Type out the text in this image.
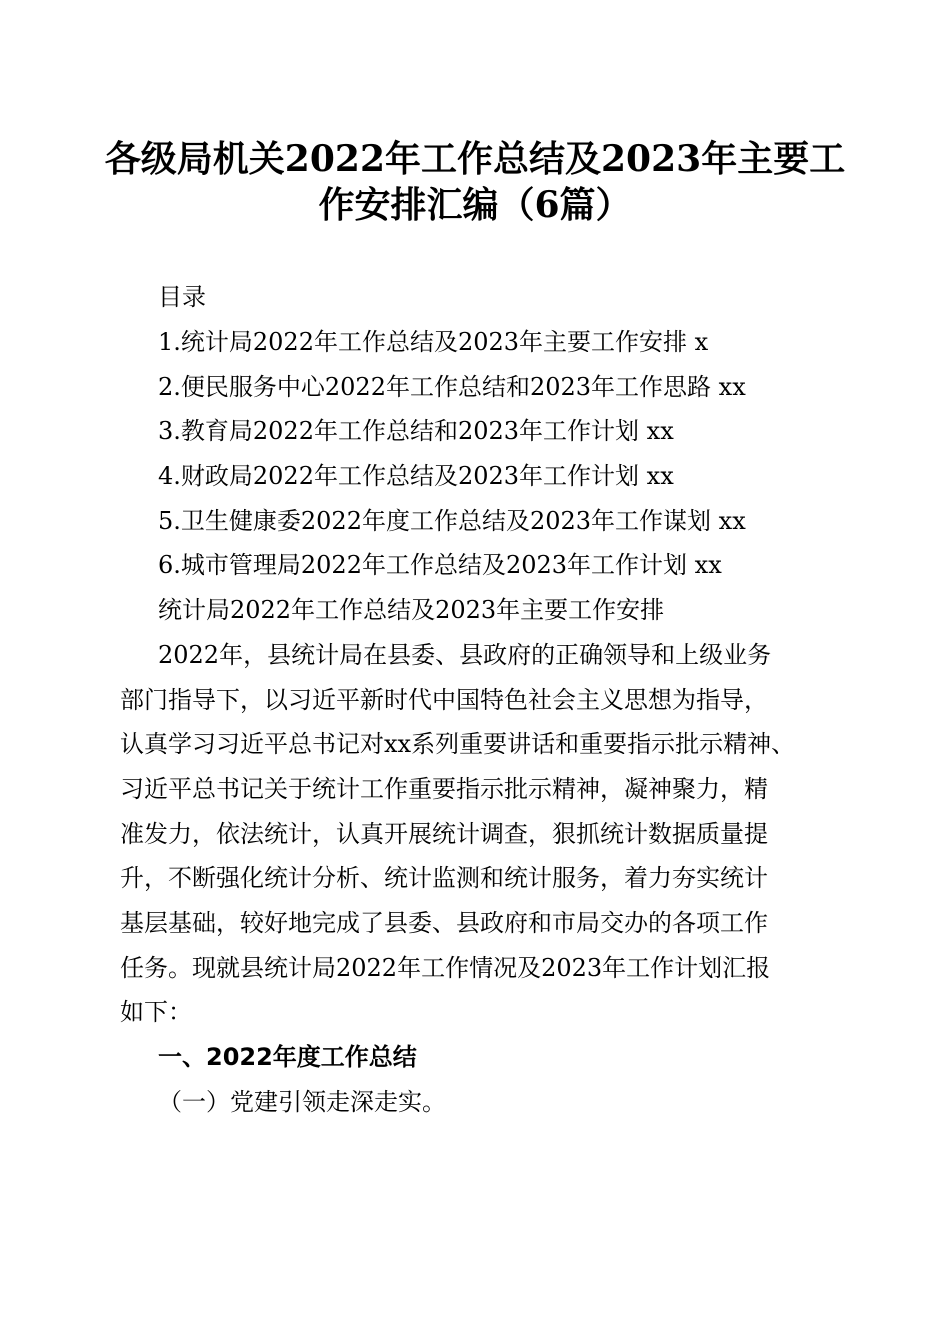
各级局机关2022年工作总结及2023年主要工
作安排汇编（6篇）
目录
1.统计局2022年工作总结及2023年主要工作安排 x
2.便民服务中心2022年工作总结和2023年工作思路 xx
3.教育局2022年工作总结和2023年工作计划 xx
4.财政局2022年工作总结及2023年工作计划 xx
5.卫生健康委2022年度工作总结及2023年工作谋划 xx
6.城市管理局2022年工作总结及2023年工作计划 xx
统计局2022年工作总结及2023年主要工作安排
2022年，县统计局在县委、县政府的正确领导和上级业务
部门指导下，以习近平新时代中国特色社会主义思想为指导，
认真学习习近平总书记对xx系列重要讲话和重要指示批示精神、
习近平总书记关于统计工作重要指示批示精神，凝神聚力，精
准发力，依法统计，认真开展统计调查，狠抓统计数据质量提
升，不断强化统计分析、统计监测和统计服务，着力夯实统计
基层基础，较好地完成了县委、县政府和市局交办的各项工作
任务。现就县统计局2022年工作情况及2023年工作计划汇报
如下：
一、2022年度工作总结
（一）党建引领走深走实。
